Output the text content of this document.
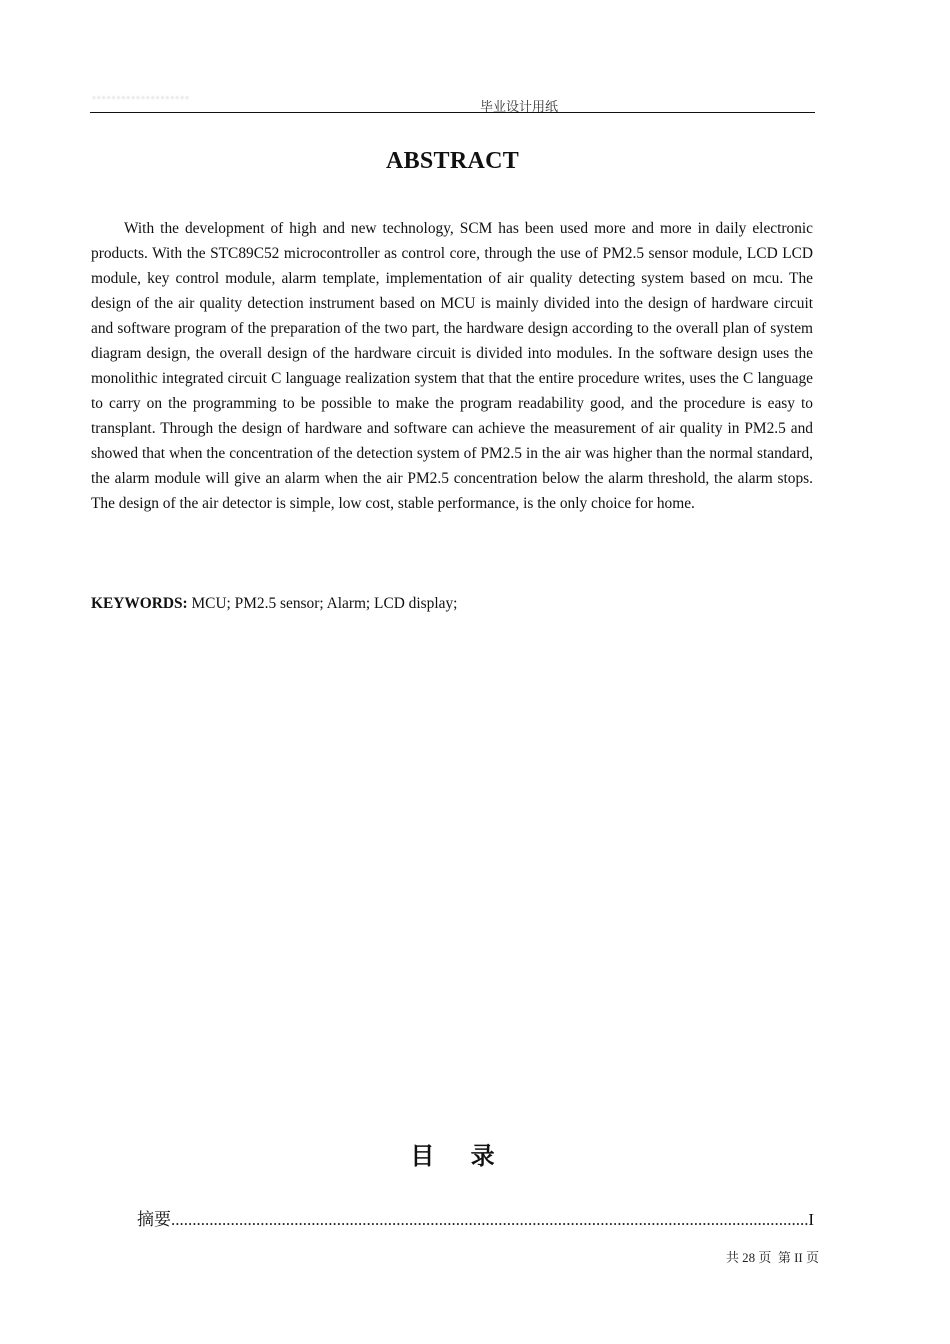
▪▪▪▪▪▪▪▪▪▪▪▪▪▪▪▪▪▪▪▪
毕业设计用纸
ABSTRACT

With the development of high and new technology, SCM has been used more and more in daily electronic products. With the STC89C52 microcontroller as control core, through the use of PM2.5 sensor module, LCD LCD module, key control module, alarm template, implementation of air quality detecting system based on mcu. The design of the air quality detection instrument based on MCU is mainly divided into the design of hardware circuit and software program of the preparation of the two part, the hardware design according to the overall plan of system diagram design, the overall design of the hardware circuit is divided into modules. In the software design uses the monolithic integrated circuit C language realization system that that the entire procedure writes, uses the C language to carry on the programming to be possible to make the program readability good, and the procedure is easy to transplant. Through the design of hardware and software can achieve the measurement of air quality in PM2.5 and showed that when the concentration of the detection system of PM2.5 in the air was higher than the normal standard, the alarm module will give an alarm when the air PM2.5 concentration below the alarm threshold, the alarm stops. The design of the air detector is simple, low cost, stable performance, is the only choice for home.

KEYWORDS: MCU; PM2.5 sensor; Alarm; LCD display;

目 录
摘要
.....	I
共 28 页 第 II 页
